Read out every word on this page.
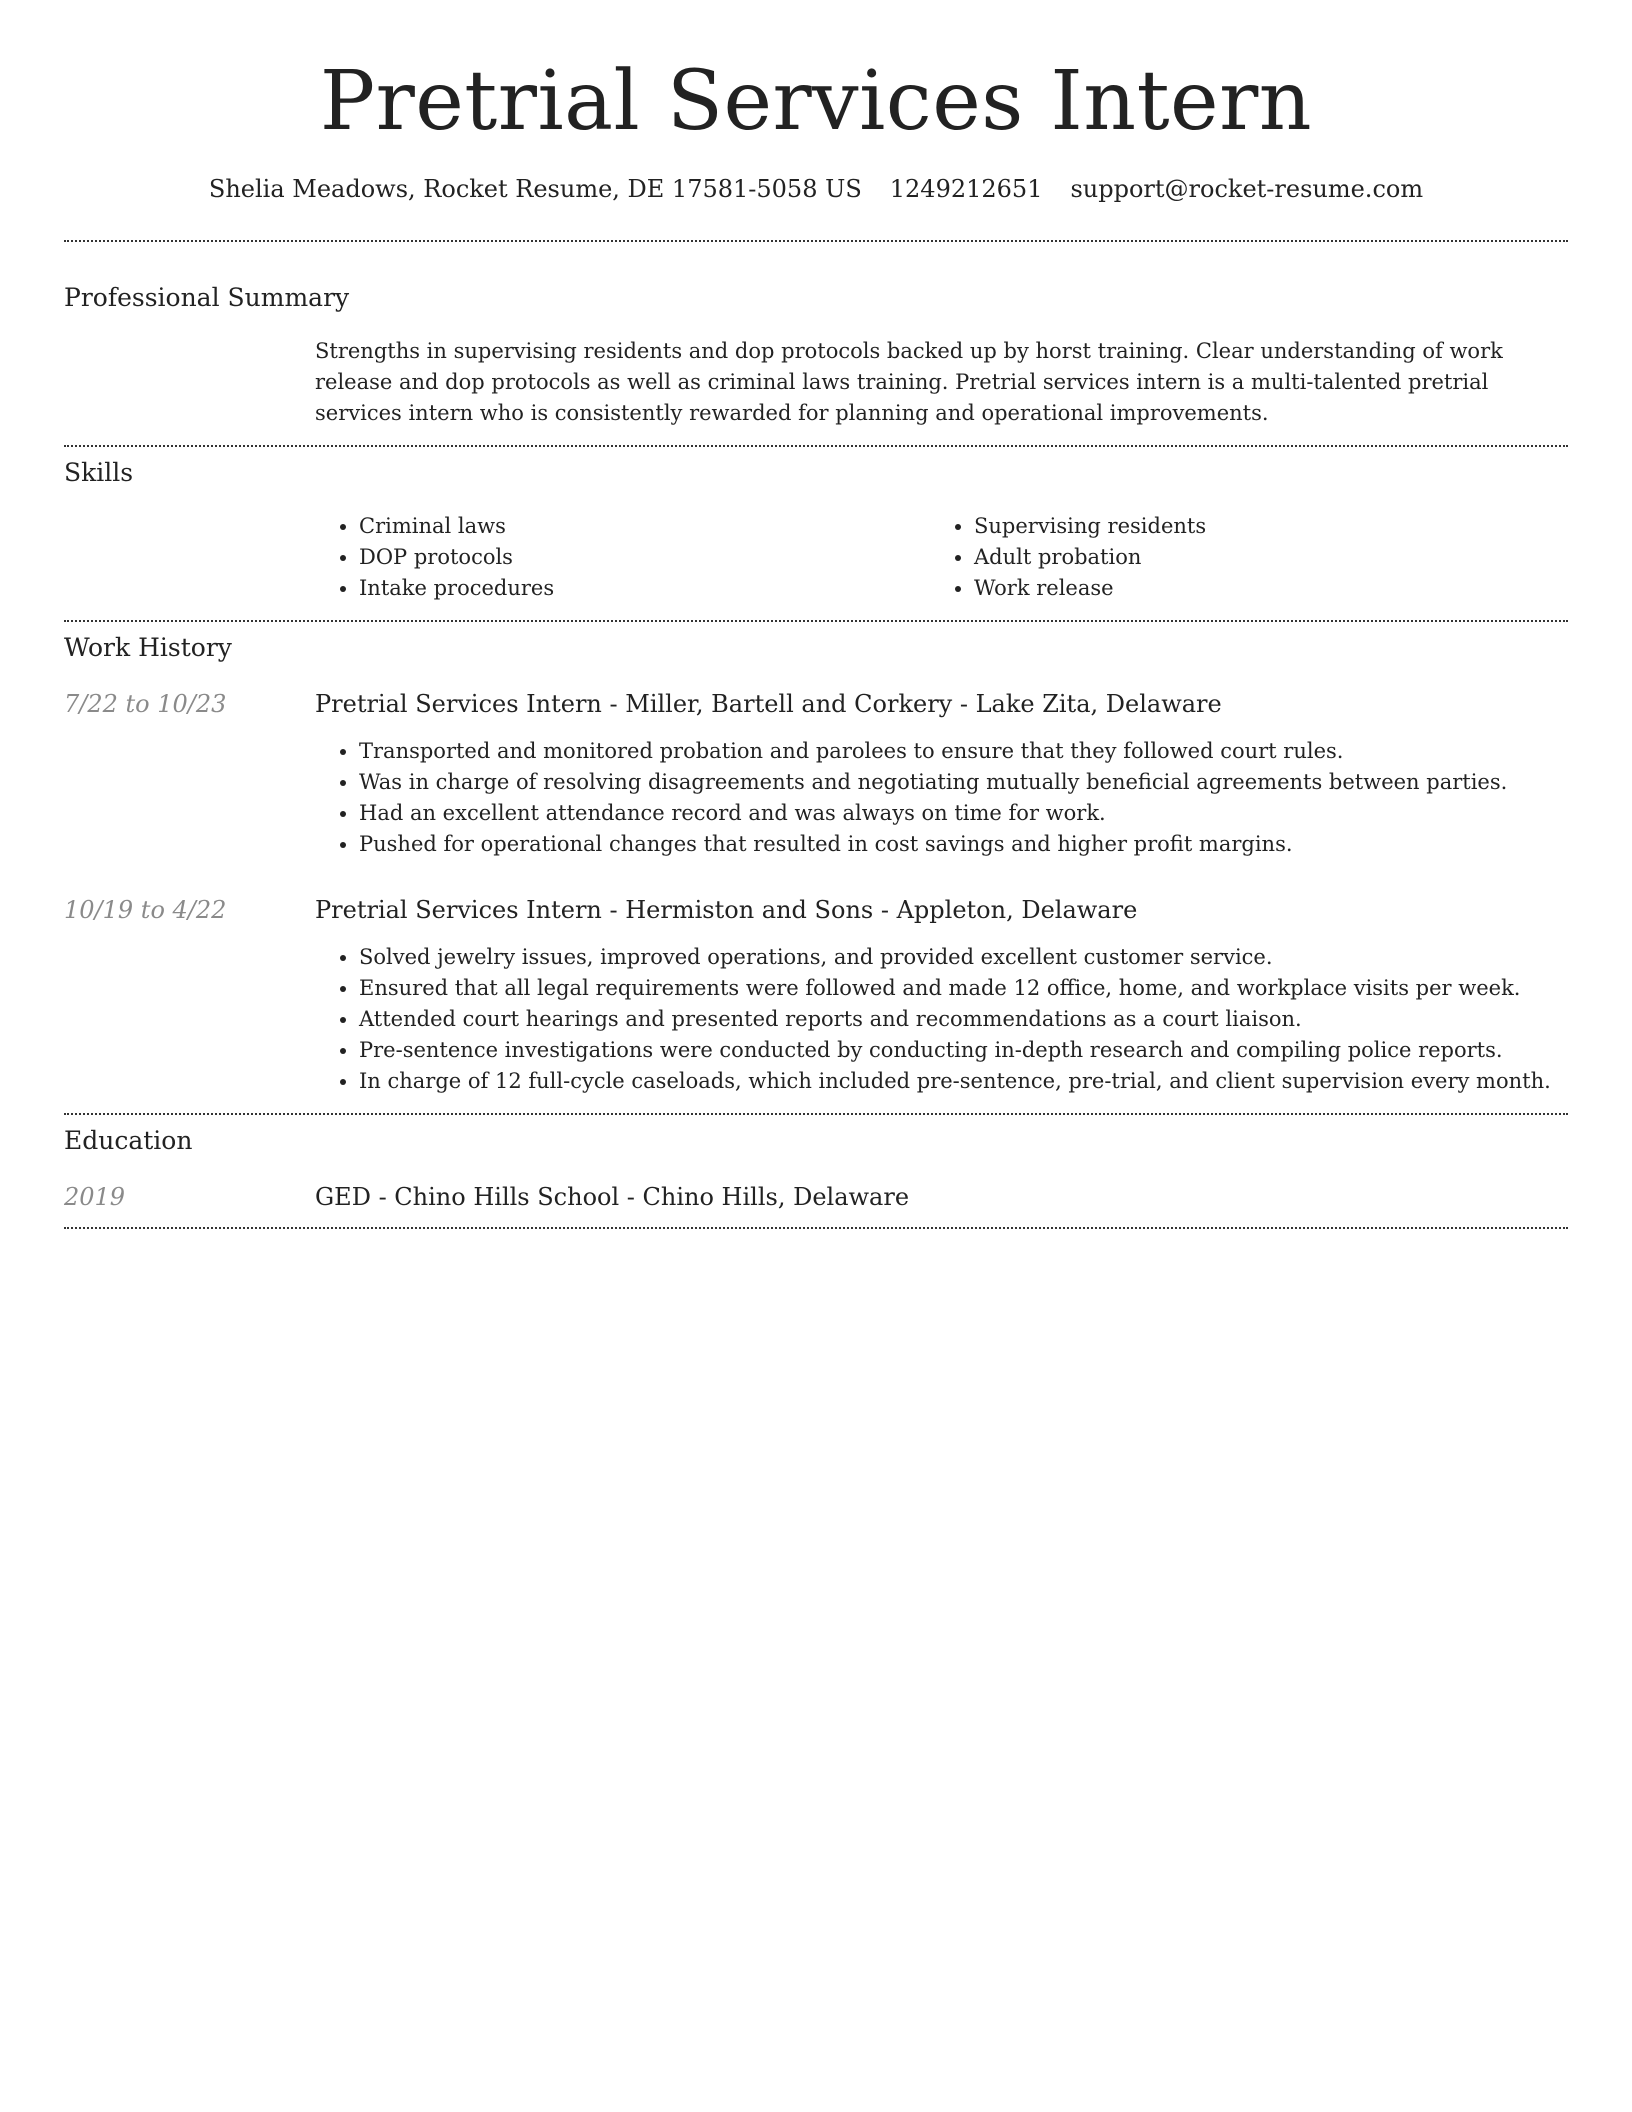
Pretrial Services Intern
Shelia Meadows, Rocket Resume, DE 17581-5058 US 1249212651 support@rocket-resume.com
Professional Summary

Strengths in supervising residents and dop protocols backed up by horst training. Clear understanding of work release and dop protocols as well as criminal laws training. Pretrial services intern is a multi-talented pretrial services intern who is consistently rewarded for planning and operational improvements.

Skills
• Criminal laws
• DOP protocols
• Intake procedures
• Supervising residents
• Adult probation
• Work release
Work History
7/22 to 10/23	Pretrial Services Intern - Miller, Bartell and Corkery - Lake Zita, Delaware
• Transported and monitored probation and parolees to ensure that they followed court rules.
• Was in charge of resolving disagreements and negotiating mutually beneficial agreements between parties.
• Had an excellent attendance record and was always on time for work.
• Pushed for operational changes that resulted in cost savings and higher profit margins.
10/19 to 4/22	Pretrial Services Intern - Hermiston and Sons - Appleton, Delaware
• Solved jewelry issues, improved operations, and provided excellent customer service.
• Ensured that all legal requirements were followed and made 12 office, home, and workplace visits per week.
• Attended court hearings and presented reports and recommendations as a court liaison.
• Pre-sentence investigations were conducted by conducting in-depth research and compiling police reports.
• In charge of 12 full-cycle caseloads, which included pre-sentence, pre-trial, and client supervision every month.
Education
2019	GED - Chino Hills School - Chino Hills, Delaware
